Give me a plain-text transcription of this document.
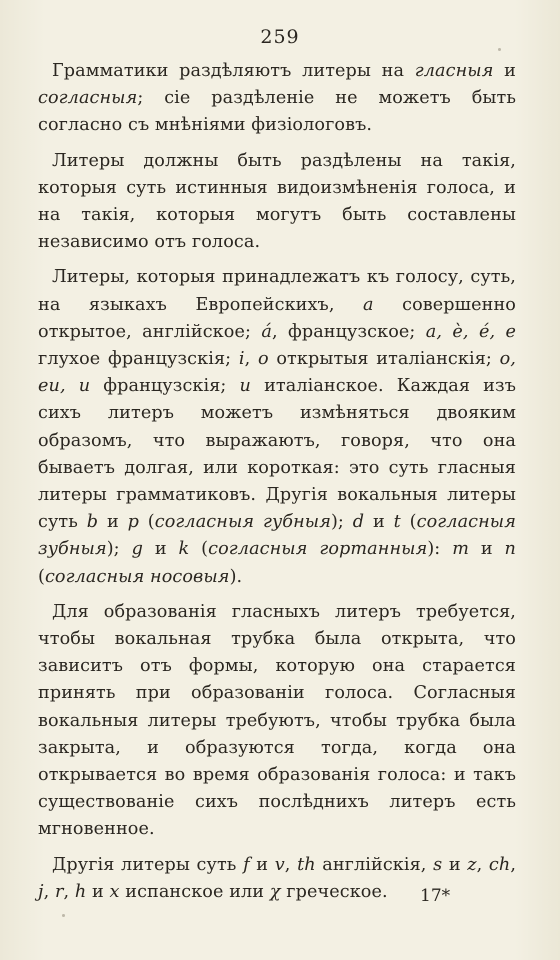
259

Грамматики раздѣляютъ литеры на гласныя и согласныя; сіе раздѣленіе не можетъ быть согласно съ мнѣніями физіологовъ.

Литеры должны быть раздѣлены на такія, которыя суть истинныя видоизмѣненія голоса, и на такія, которыя могутъ быть составлены независимо отъ голоса.

Литеры, которыя принадлежатъ къ голосу, суть, на языкахъ Европейскихъ, a совершенно открытое, англійское; á, французское; a, è, é, e глухое французскія; i, o открытыя италіанскія; o, eu, u французскія; u италіанское. Каждая изъ сихъ литеръ можетъ измѣняться двояким образомъ, что выражаютъ, говоря, что она бываетъ долгая, или короткая: это суть гласныя литеры грамматиковъ. Другія вокальныя литеры суть b и p (согласныя губныя); d и t (согласныя зубныя); g и k (согласныя гортанныя): m и n (согласныя носовыя).

Для образованія гласныхъ литеръ требуется, чтобы вокальная трубка была открыта, что зависитъ отъ формы, которую она старается принять при образованіи голоса. Согласныя вокальныя литеры требуютъ, чтобы трубка была закрыта, и образуются тогда, когда она открывается во время образованія голоса: и такъ существованіе сихъ послѣднихъ литеръ есть мгновенное.

Другія литеры суть f и v, th англійскія, s и z, ch, j, r, h и x испанское или χ греческое.	17*
